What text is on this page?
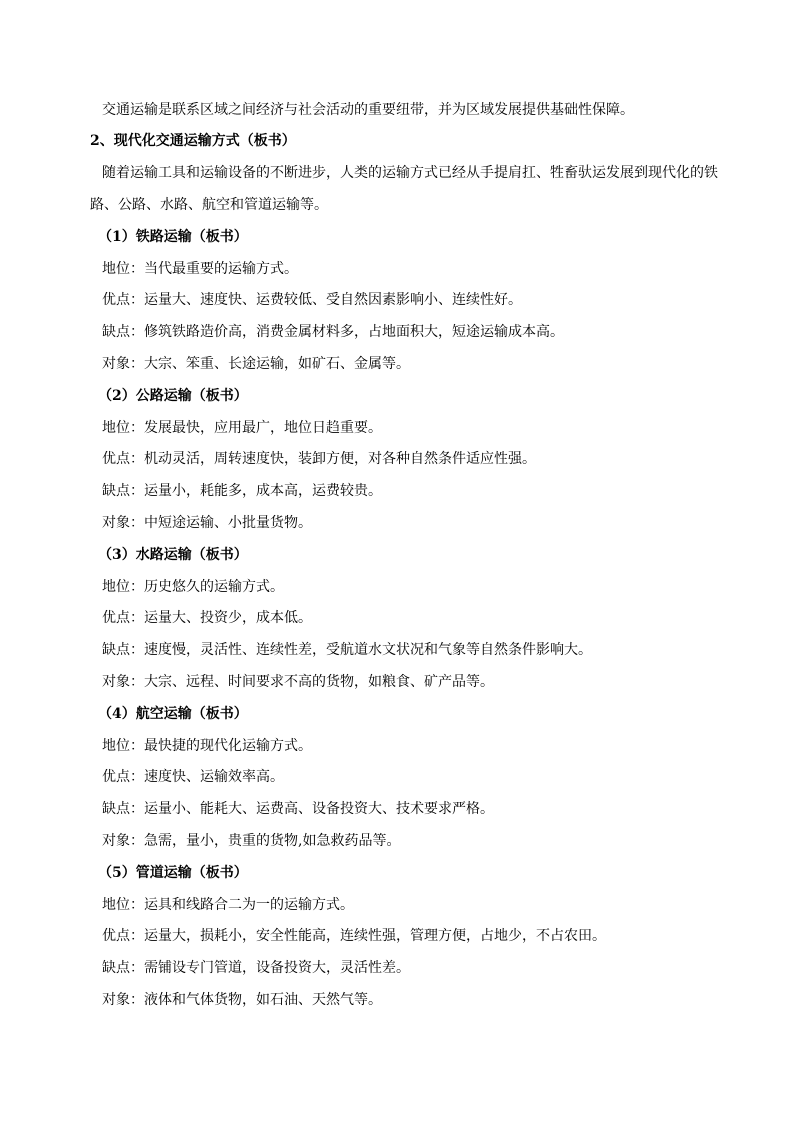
交通运输是联系区域之间经济与社会活动的重要纽带，并为区域发展提供基础性保障。
2、现代化交通运输方式（板书）
随着运输工具和运输设备的不断进步，人类的运输方式已经从手提肩扛、牲畜驮运发展到现代化的铁
路、公路、水路、航空和管道运输等。
（1）铁路运输（板书）
地位：当代最重要的运输方式。
优点：运量大、速度快、运费较低、受自然因素影响小、连续性好。
缺点：修筑铁路造价高，消费金属材料多，占地面积大，短途运输成本高。
对象：大宗、笨重、长途运输，如矿石、金属等。
（2）公路运输（板书）
地位：发展最快，应用最广，地位日趋重要。
优点：机动灵活，周转速度快，装卸方便，对各种自然条件适应性强。
缺点：运量小，耗能多，成本高，运费较贵。
对象：中短途运输、小批量货物。
（3）水路运输（板书）
地位：历史悠久的运输方式。
优点：运量大、投资少，成本低。
缺点：速度慢，灵活性、连续性差，受航道水文状况和气象等自然条件影响大。
对象：大宗、远程、时间要求不高的货物，如粮食、矿产品等。
（4）航空运输（板书）
地位：最快捷的现代化运输方式。
优点：速度快、运输效率高。
缺点：运量小、能耗大、运费高、设备投资大、技术要求严格。
对象：急需，量小，贵重的货物,如急救药品等。
（5）管道运输（板书）
地位：运具和线路合二为一的运输方式。
优点：运量大，损耗小，安全性能高，连续性强，管理方便，占地少，不占农田。
缺点：需铺设专门管道，设备投资大，灵活性差。
对象：液体和气体货物，如石油、天然气等。
